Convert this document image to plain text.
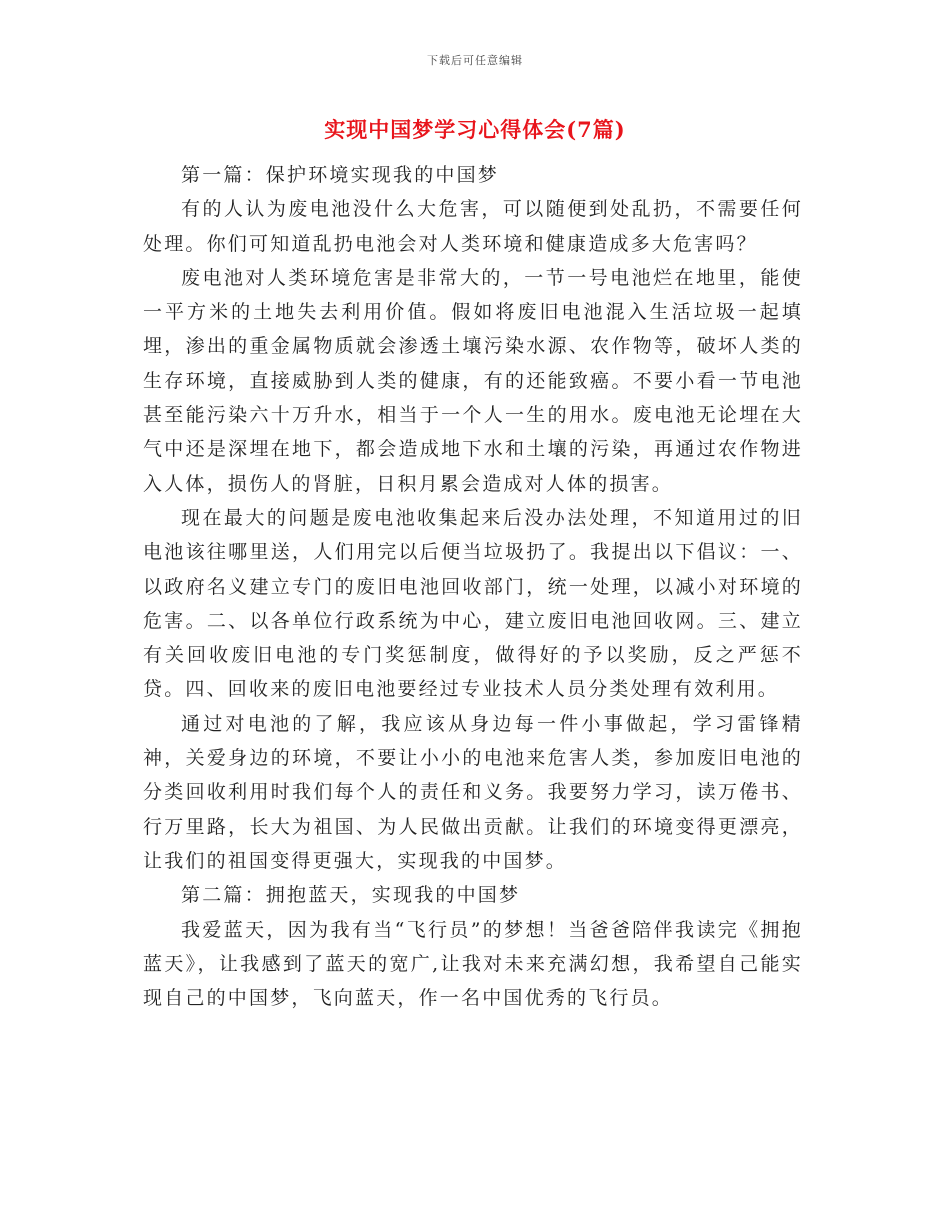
下载后可任意编辑
实现中国梦学习心得体会(7篇)

第一篇：保护环境实现我的中国梦

有的人认为废电池没什么大危害，可以随便到处乱扔，不需要任何处理。你们可知道乱扔电池会对人类环境和健康造成多大危害吗？

废电池对人类环境危害是非常大的，一节一号电池烂在地里，能使一平方米的土地失去利用价值。假如将废旧电池混入生活垃圾一起填埋，渗出的重金属物质就会渗透土壤污染水源、农作物等，破坏人类的生存环境，直接威胁到人类的健康，有的还能致癌。不要小看一节电池甚至能污染六十万升水，相当于一个人一生的用水。废电池无论埋在大气中还是深埋在地下，都会造成地下水和土壤的污染，再通过农作物进入人体，损伤人的肾脏，日积月累会造成对人体的损害。

现在最大的问题是废电池收集起来后没办法处理，不知道用过的旧电池该往哪里送，人们用完以后便当垃圾扔了。我提出以下倡议：一、以政府名义建立专门的废旧电池回收部门，统一处理，以减小对环境的危害。二、以各单位行政系统为中心，建立废旧电池回收网。三、建立有关回收废旧电池的专门奖惩制度，做得好的予以奖励，反之严惩不贷。四、回收来的废旧电池要经过专业技术人员分类处理有效利用。

通过对电池的了解，我应该从身边每一件小事做起，学习雷锋精神，关爱身边的环境，不要让小小的电池来危害人类，参加废旧电池的分类回收利用时我们每个人的责任和义务。我要努力学习，读万倦书、行万里路，长大为祖国、为人民做出贡献。让我们的环境变得更漂亮，让我们的祖国变得更强大，实现我的中国梦。

第二篇：拥抱蓝天，实现我的中国梦

我爱蓝天，因为我有当“飞行员”的梦想！当爸爸陪伴我读完《拥抱蓝天》，让我感到了蓝天的宽广,让我对未来充满幻想，我希望自己能实现自己的中国梦，飞向蓝天，作一名中国优秀的飞行员。
